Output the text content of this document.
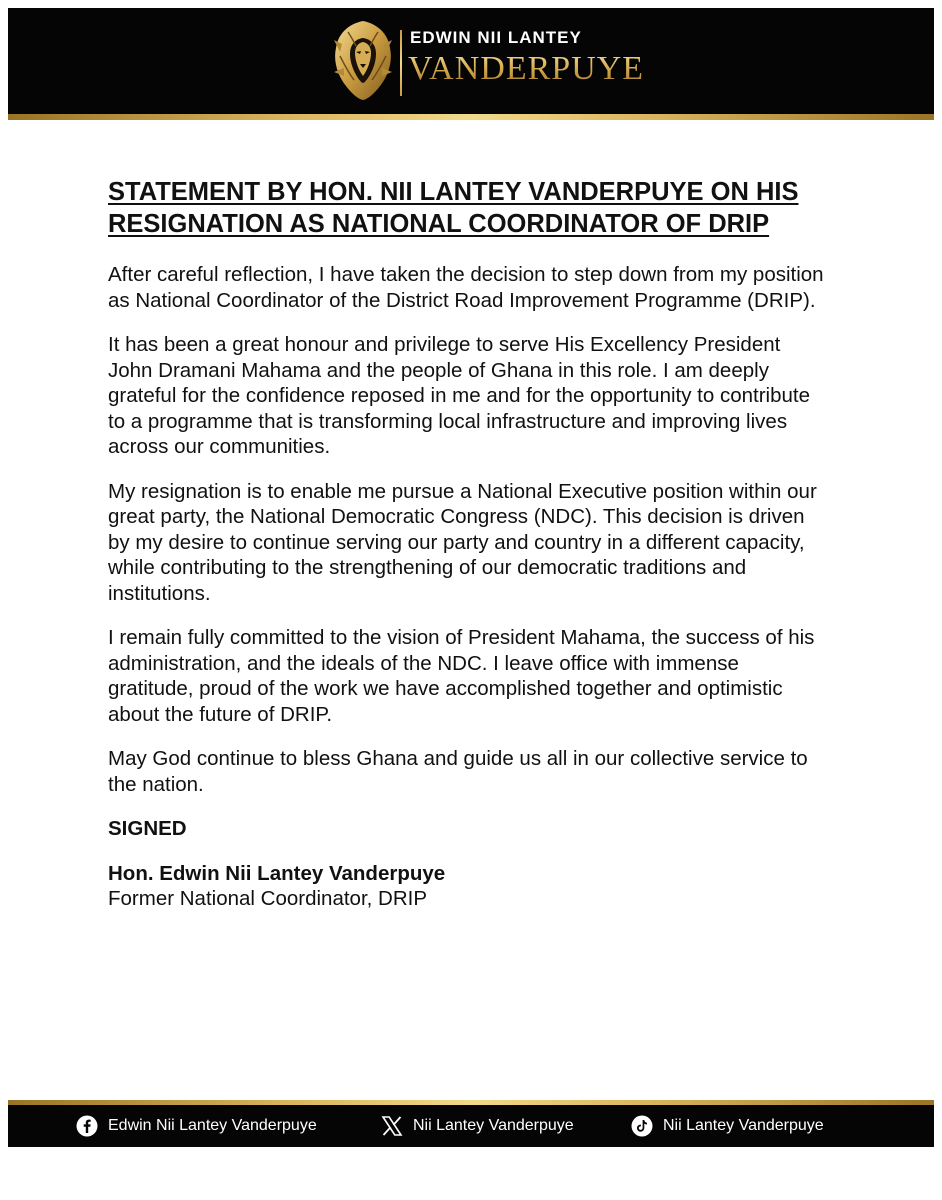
EDWIN NII LANTEY
VANDERPUYE
STATEMENT BY HON. NII LANTEY VANDERPUYE ON HIS RESIGNATION AS NATIONAL COORDINATOR OF DRIP

After careful reflection, I have taken the decision to step down from my position as National Coordinator of the District Road Improvement Programme (DRIP).

It has been a great honour and privilege to serve His Excellency President John Dramani Mahama and the people of Ghana in this role. I am deeply grateful for the confidence reposed in me and for the opportunity to contribute to a programme that is transforming local infrastructure and improving lives across our communities.

My resignation is to enable me pursue a National Executive position within our great party, the National Democratic Congress (NDC). This decision is driven by my desire to continue serving our party and country in a different capacity, while contributing to the strengthening of our democratic traditions and institutions.

I remain fully committed to the vision of President Mahama, the success of his administration, and the ideals of the NDC. I leave office with immense gratitude, proud of the work we have accomplished together and optimistic about the future of DRIP.

May God continue to bless Ghana and guide us all in our collective service to the nation.

SIGNED

Hon. Edwin Nii Lantey Vanderpuye

Former National Coordinator, DRIP

Edwin Nii Lantey Vanderpuye	Nii Lantey Vanderpuye	Nii Lantey Vanderpuye
